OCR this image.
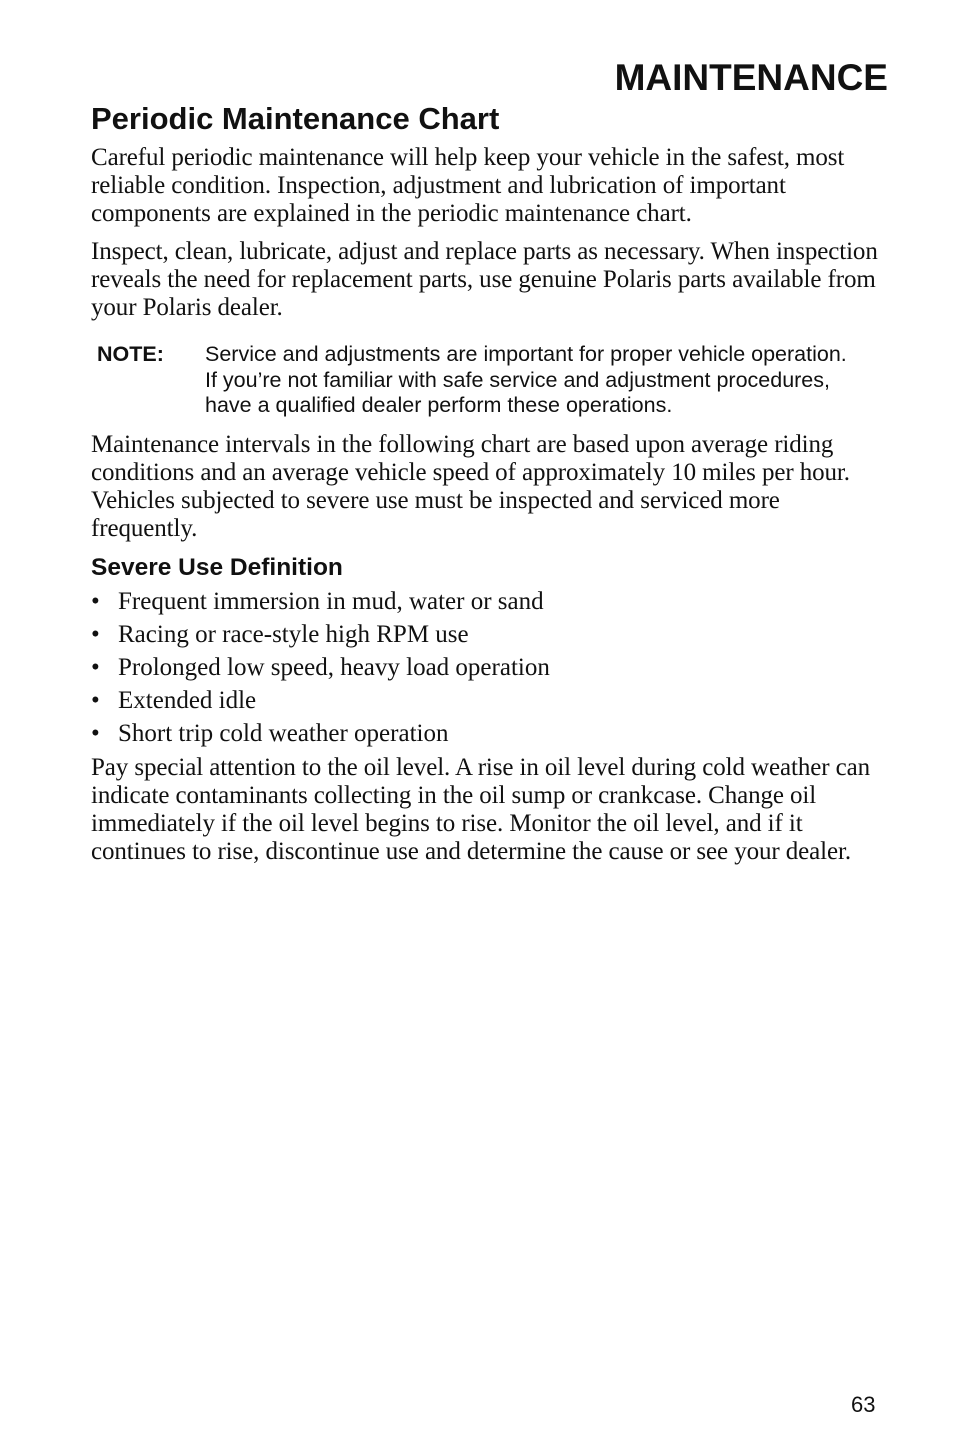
MAINTENANCE
Periodic Maintenance Chart

Careful periodic maintenance will help keep your vehicle in the safest, most reliable condition. Inspection, adjustment and lubrication of important components are explained in the periodic maintenance chart.

Inspect, clean, lubricate, adjust and replace parts as necessary. When inspection reveals the need for replacement parts, use genuine Polaris parts available from your Polaris dealer.

NOTE:	Service and adjustments are important for proper vehicle operation. If you’re not familiar with safe service and adjustment procedures, have a qualified dealer perform these operations.

Maintenance intervals in the following chart are based upon average riding conditions and an average vehicle speed of approximately 10 miles per hour. Vehicles subjected to severe use must be inspected and serviced more frequently.

Severe Use Definition
• Frequent immersion in mud, water or sand
• Racing or race-style high RPM use
• Prolonged low speed, heavy load operation
• Extended idle
• Short trip cold weather operation

Pay special attention to the oil level. A rise in oil level during cold weather can indicate contaminants collecting in the oil sump or crankcase. Change oil immediately if the oil level begins to rise. Monitor the oil level, and if it continues to rise, discontinue use and determine the cause or see your dealer.

63
